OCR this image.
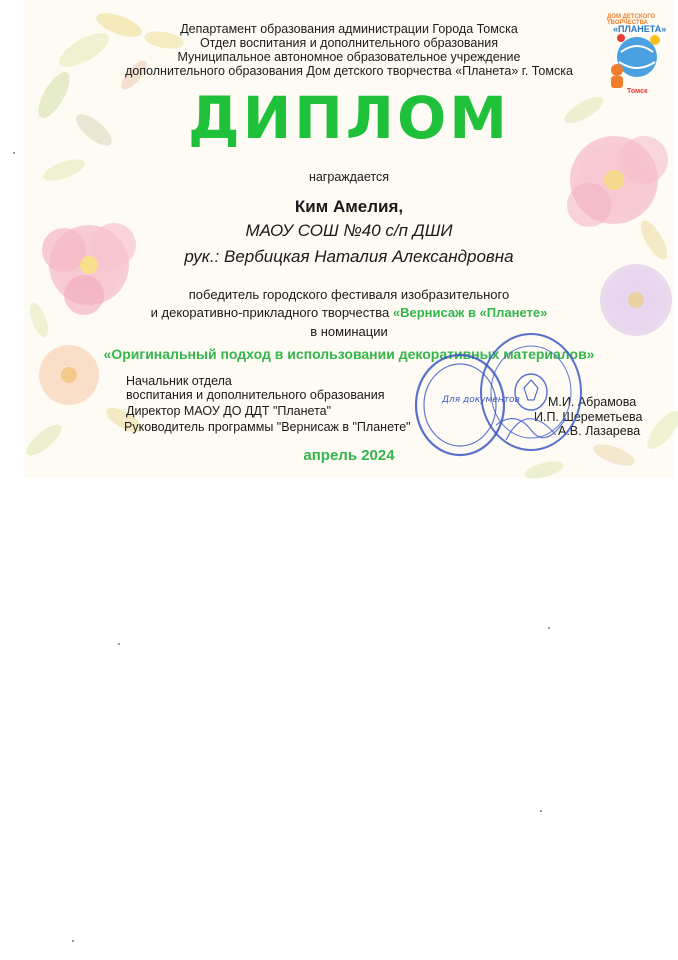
Департамент образования администрации Города Томска
Отдел воспитания и дополнительного образования
Муниципальное автономное образовательное учреждение
дополнительного образования Дом детского творчества «Планета» г. Томска
ДОМ ДЕТСКОГО ТВОРЧЕСТВА
«ПЛАНЕТА»
Томск
ДИПЛОМ
награждается
Ким Амелия,
МАОУ СОШ №40 с/п ДШИ
рук.: Вербицкая Наталия Александровна
победитель городского фестиваля изобразительного
и декоративно-прикладного творчества «Вернисаж в «Планете»
в номинации
«Оригинальный подход в использовании декоративных материалов»
Начальник отдела
воспитания и дополнительного образования
Директор МАОУ ДО ДДТ "Планета"
Руководитель программы "Вернисаж в "Планете"
М.И. Абрамова
И.П. Шереметьева
А.В. Лазарева
Для документов
апрель 2024
